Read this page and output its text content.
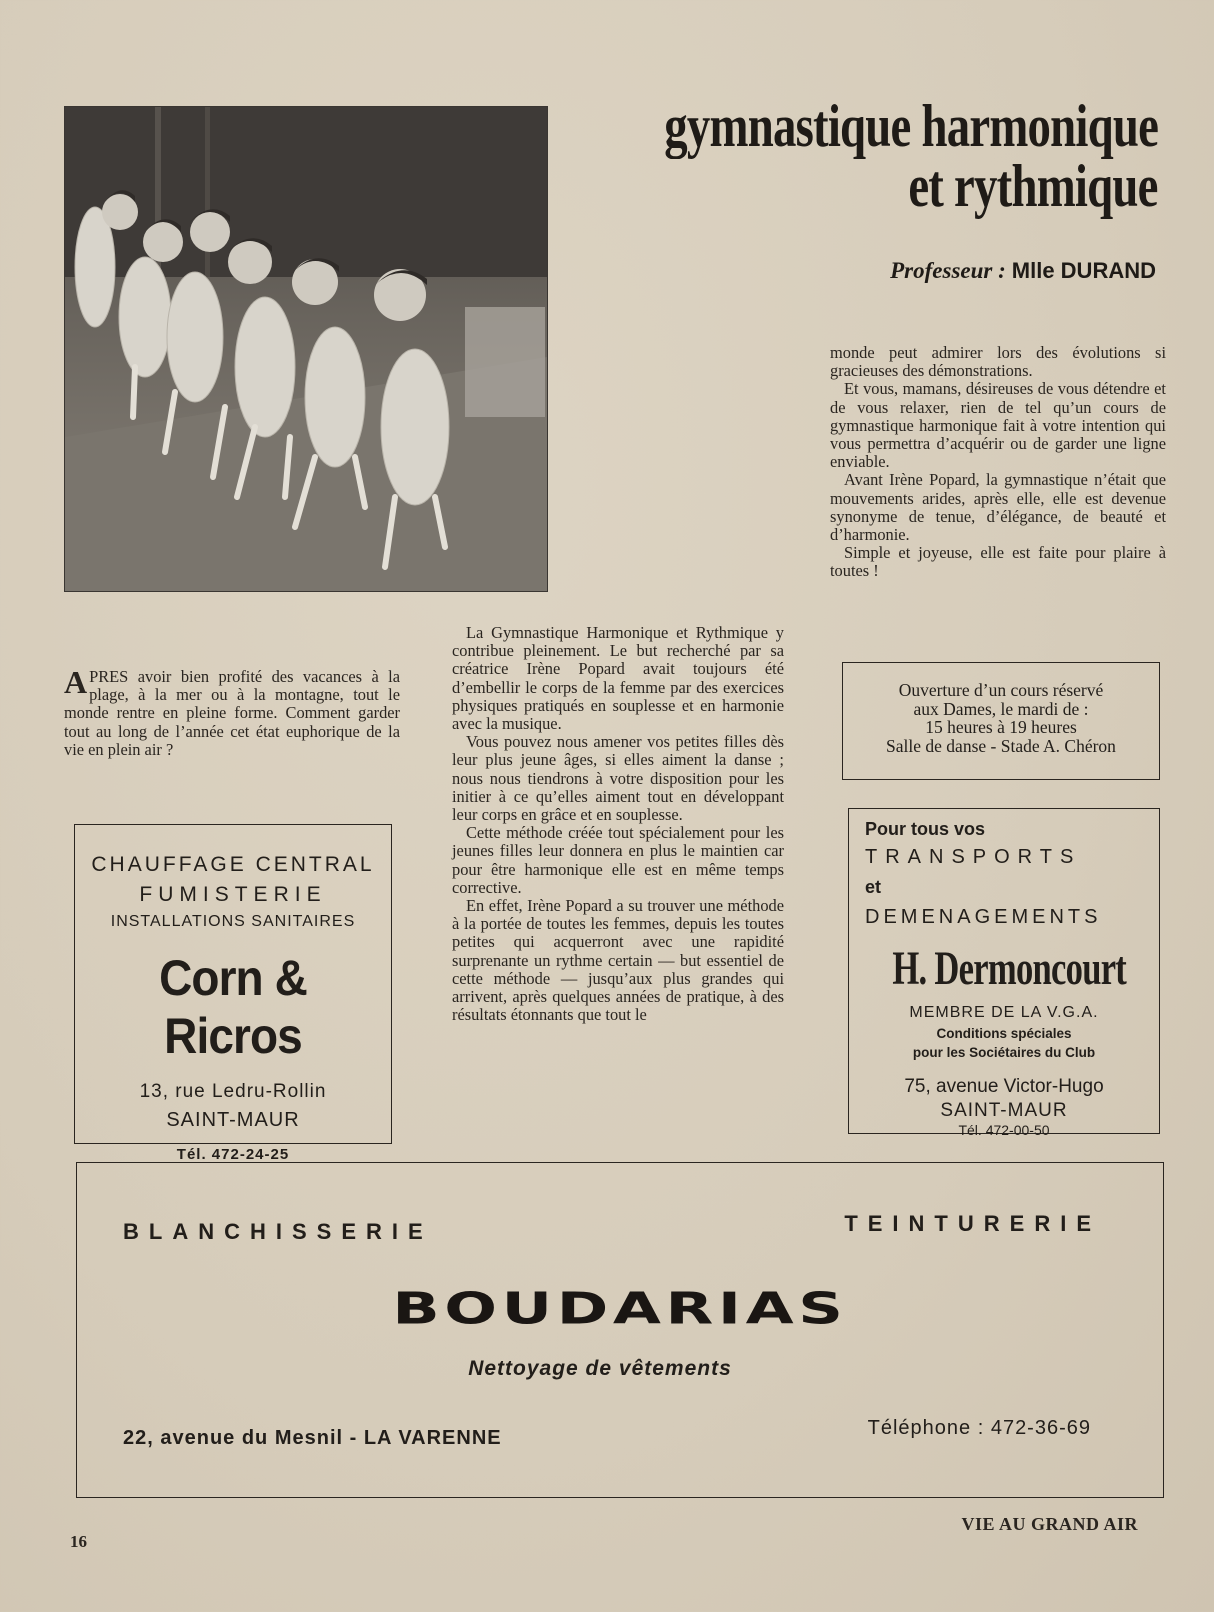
gymnastique harmonique
et rythmique
Professeur : Mlle DURAND

APRES avoir bien profité des vacances à la plage, à la mer ou à la montagne, tout le monde rentre en pleine forme. Comment garder tout au long de l’année cet état euphorique de la vie en plein air ?

La Gymnastique Harmonique et Rythmique y contribue pleinement. Le but recherché par sa créatrice Irène Popard avait toujours été d’embellir le corps de la femme par des exercices physiques pratiqués en souplesse et en harmonie avec la musique.

Vous pouvez nous amener vos petites filles dès leur plus jeune âges, si elles aiment la danse ; nous nous tiendrons à votre disposition pour les initier à ce qu’elles aiment tout en développant leur corps en grâce et en souplesse.

Cette méthode créée tout spécialement pour les jeunes filles leur donnera en plus le maintien car pour être harmonique elle est en même temps corrective.

En effet, Irène Popard a su trouver une méthode à la portée de toutes les femmes, depuis les toutes petites qui acquerront avec une rapidité surprenante un rythme certain — but essentiel de cette méthode — jusqu’aux plus grandes qui arrivent, après quelques années de pratique, à des résultats étonnants que tout le

monde peut admirer lors des évolutions si gracieuses des démonstrations.

Et vous, mamans, désireuses de vous détendre et de vous relaxer, rien de tel qu’un cours de gymnastique harmonique fait à votre intention qui vous permettra d’acquérir ou de garder une ligne enviable.

Avant Irène Popard, la gymnastique n’était que mouvements arides, après elle, elle est devenue synonyme de tenue, d’élégance, de beauté et d’harmonie.

Simple et joyeuse, elle est faite pour plaire à toutes !

Ouverture d’un cours réservé
aux Dames, le mardi de :
15 heures à 19 heures
Salle de danse - Stade A. Chéron
CHAUFFAGE CENTRAL
FUMISTERIE
INSTALLATIONS SANITAIRES
Corn & Ricros
13, rue Ledru-Rollin
SAINT-MAUR
Tél. 472-24-25
Pour tous vos
TRANSPORTS
et
DEMENAGEMENTS
H. Dermoncourt
MEMBRE DE LA V.G.A.
Conditions spéciales
pour les Sociétaires du Club
75, avenue Victor-Hugo
SAINT-MAUR
Tél. 472-00-50
BLANCHISSERIE	TEINTURERIE
BOUDARIAS
Nettoyage de vêtements
22, avenue du Mesnil - LA VARENNE	Téléphone : 472-36-69
16
VIE AU GRAND AIR
